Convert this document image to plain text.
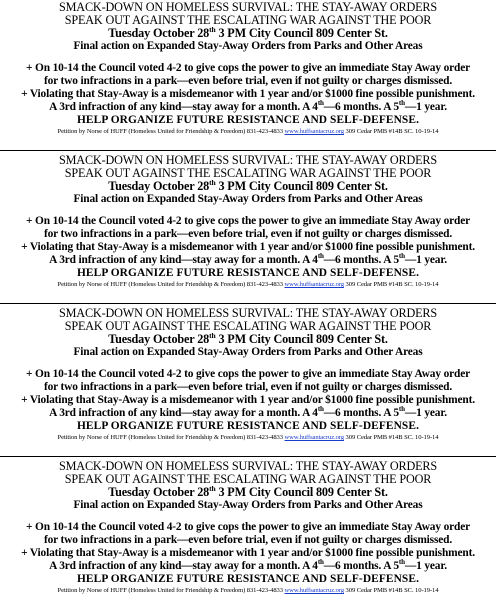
SMACK-DOWN ON HOMELESS SURVIVAL: THE STAY-AWAY ORDERS
SPEAK OUT AGAINST THE ESCALATING WAR AGAINST THE POOR
Tuesday October 28th 3 PM City Council 809 Center St.
Final action on Expanded Stay-Away Orders from Parks and Other Areas
+ On 10-14 the Council voted 4-2 to give cops the power to give an immediate Stay Away order
for two infractions in a park—even before trial, even if not guilty or charges dismissed.
+ Violating that Stay-Away is a misdemeanor with 1 year and/or $1000 fine possible punishment.
A 3rd infraction of any kind—stay away for a month. A 4th—6 months. A 5th—1 year.
HELP ORGANIZE FUTURE RESISTANCE AND SELF-DEFENSE.
Petition by Norse of HUFF (Homeless United for Friendship & Freedom) 831-423-4833 www.huffsantacruz.org 309 Cedar PMB #14B SC. 10-19-14
SMACK-DOWN ON HOMELESS SURVIVAL: THE STAY-AWAY ORDERS
SPEAK OUT AGAINST THE ESCALATING WAR AGAINST THE POOR
Tuesday October 28th 3 PM City Council 809 Center St.
Final action on Expanded Stay-Away Orders from Parks and Other Areas
+ On 10-14 the Council voted 4-2 to give cops the power to give an immediate Stay Away order
for two infractions in a park—even before trial, even if not guilty or charges dismissed.
+ Violating that Stay-Away is a misdemeanor with 1 year and/or $1000 fine possible punishment.
A 3rd infraction of any kind—stay away for a month. A 4th—6 months. A 5th—1 year.
HELP ORGANIZE FUTURE RESISTANCE AND SELF-DEFENSE.
Petition by Norse of HUFF (Homeless United for Friendship & Freedom) 831-423-4833 www.huffsantacruz.org 309 Cedar PMB #14B SC. 10-19-14
SMACK-DOWN ON HOMELESS SURVIVAL: THE STAY-AWAY ORDERS
SPEAK OUT AGAINST THE ESCALATING WAR AGAINST THE POOR
Tuesday October 28th 3 PM City Council 809 Center St.
Final action on Expanded Stay-Away Orders from Parks and Other Areas
+ On 10-14 the Council voted 4-2 to give cops the power to give an immediate Stay Away order
for two infractions in a park—even before trial, even if not guilty or charges dismissed.
+ Violating that Stay-Away is a misdemeanor with 1 year and/or $1000 fine possible punishment.
A 3rd infraction of any kind—stay away for a month. A 4th—6 months. A 5th—1 year.
HELP ORGANIZE FUTURE RESISTANCE AND SELF-DEFENSE.
Petition by Norse of HUFF (Homeless United for Friendship & Freedom) 831-423-4833 www.huffsantacruz.org 309 Cedar PMB #14B SC. 10-19-14
SMACK-DOWN ON HOMELESS SURVIVAL: THE STAY-AWAY ORDERS
SPEAK OUT AGAINST THE ESCALATING WAR AGAINST THE POOR
Tuesday October 28th 3 PM City Council 809 Center St.
Final action on Expanded Stay-Away Orders from Parks and Other Areas
+ On 10-14 the Council voted 4-2 to give cops the power to give an immediate Stay Away order
for two infractions in a park—even before trial, even if not guilty or charges dismissed.
+ Violating that Stay-Away is a misdemeanor with 1 year and/or $1000 fine possible punishment.
A 3rd infraction of any kind—stay away for a month. A 4th—6 months. A 5th—1 year.
HELP ORGANIZE FUTURE RESISTANCE AND SELF-DEFENSE.
Petition by Norse of HUFF (Homeless United for Friendship & Freedom) 831-423-4833 www.huffsantacruz.org 309 Cedar PMB #14B SC. 10-19-14
